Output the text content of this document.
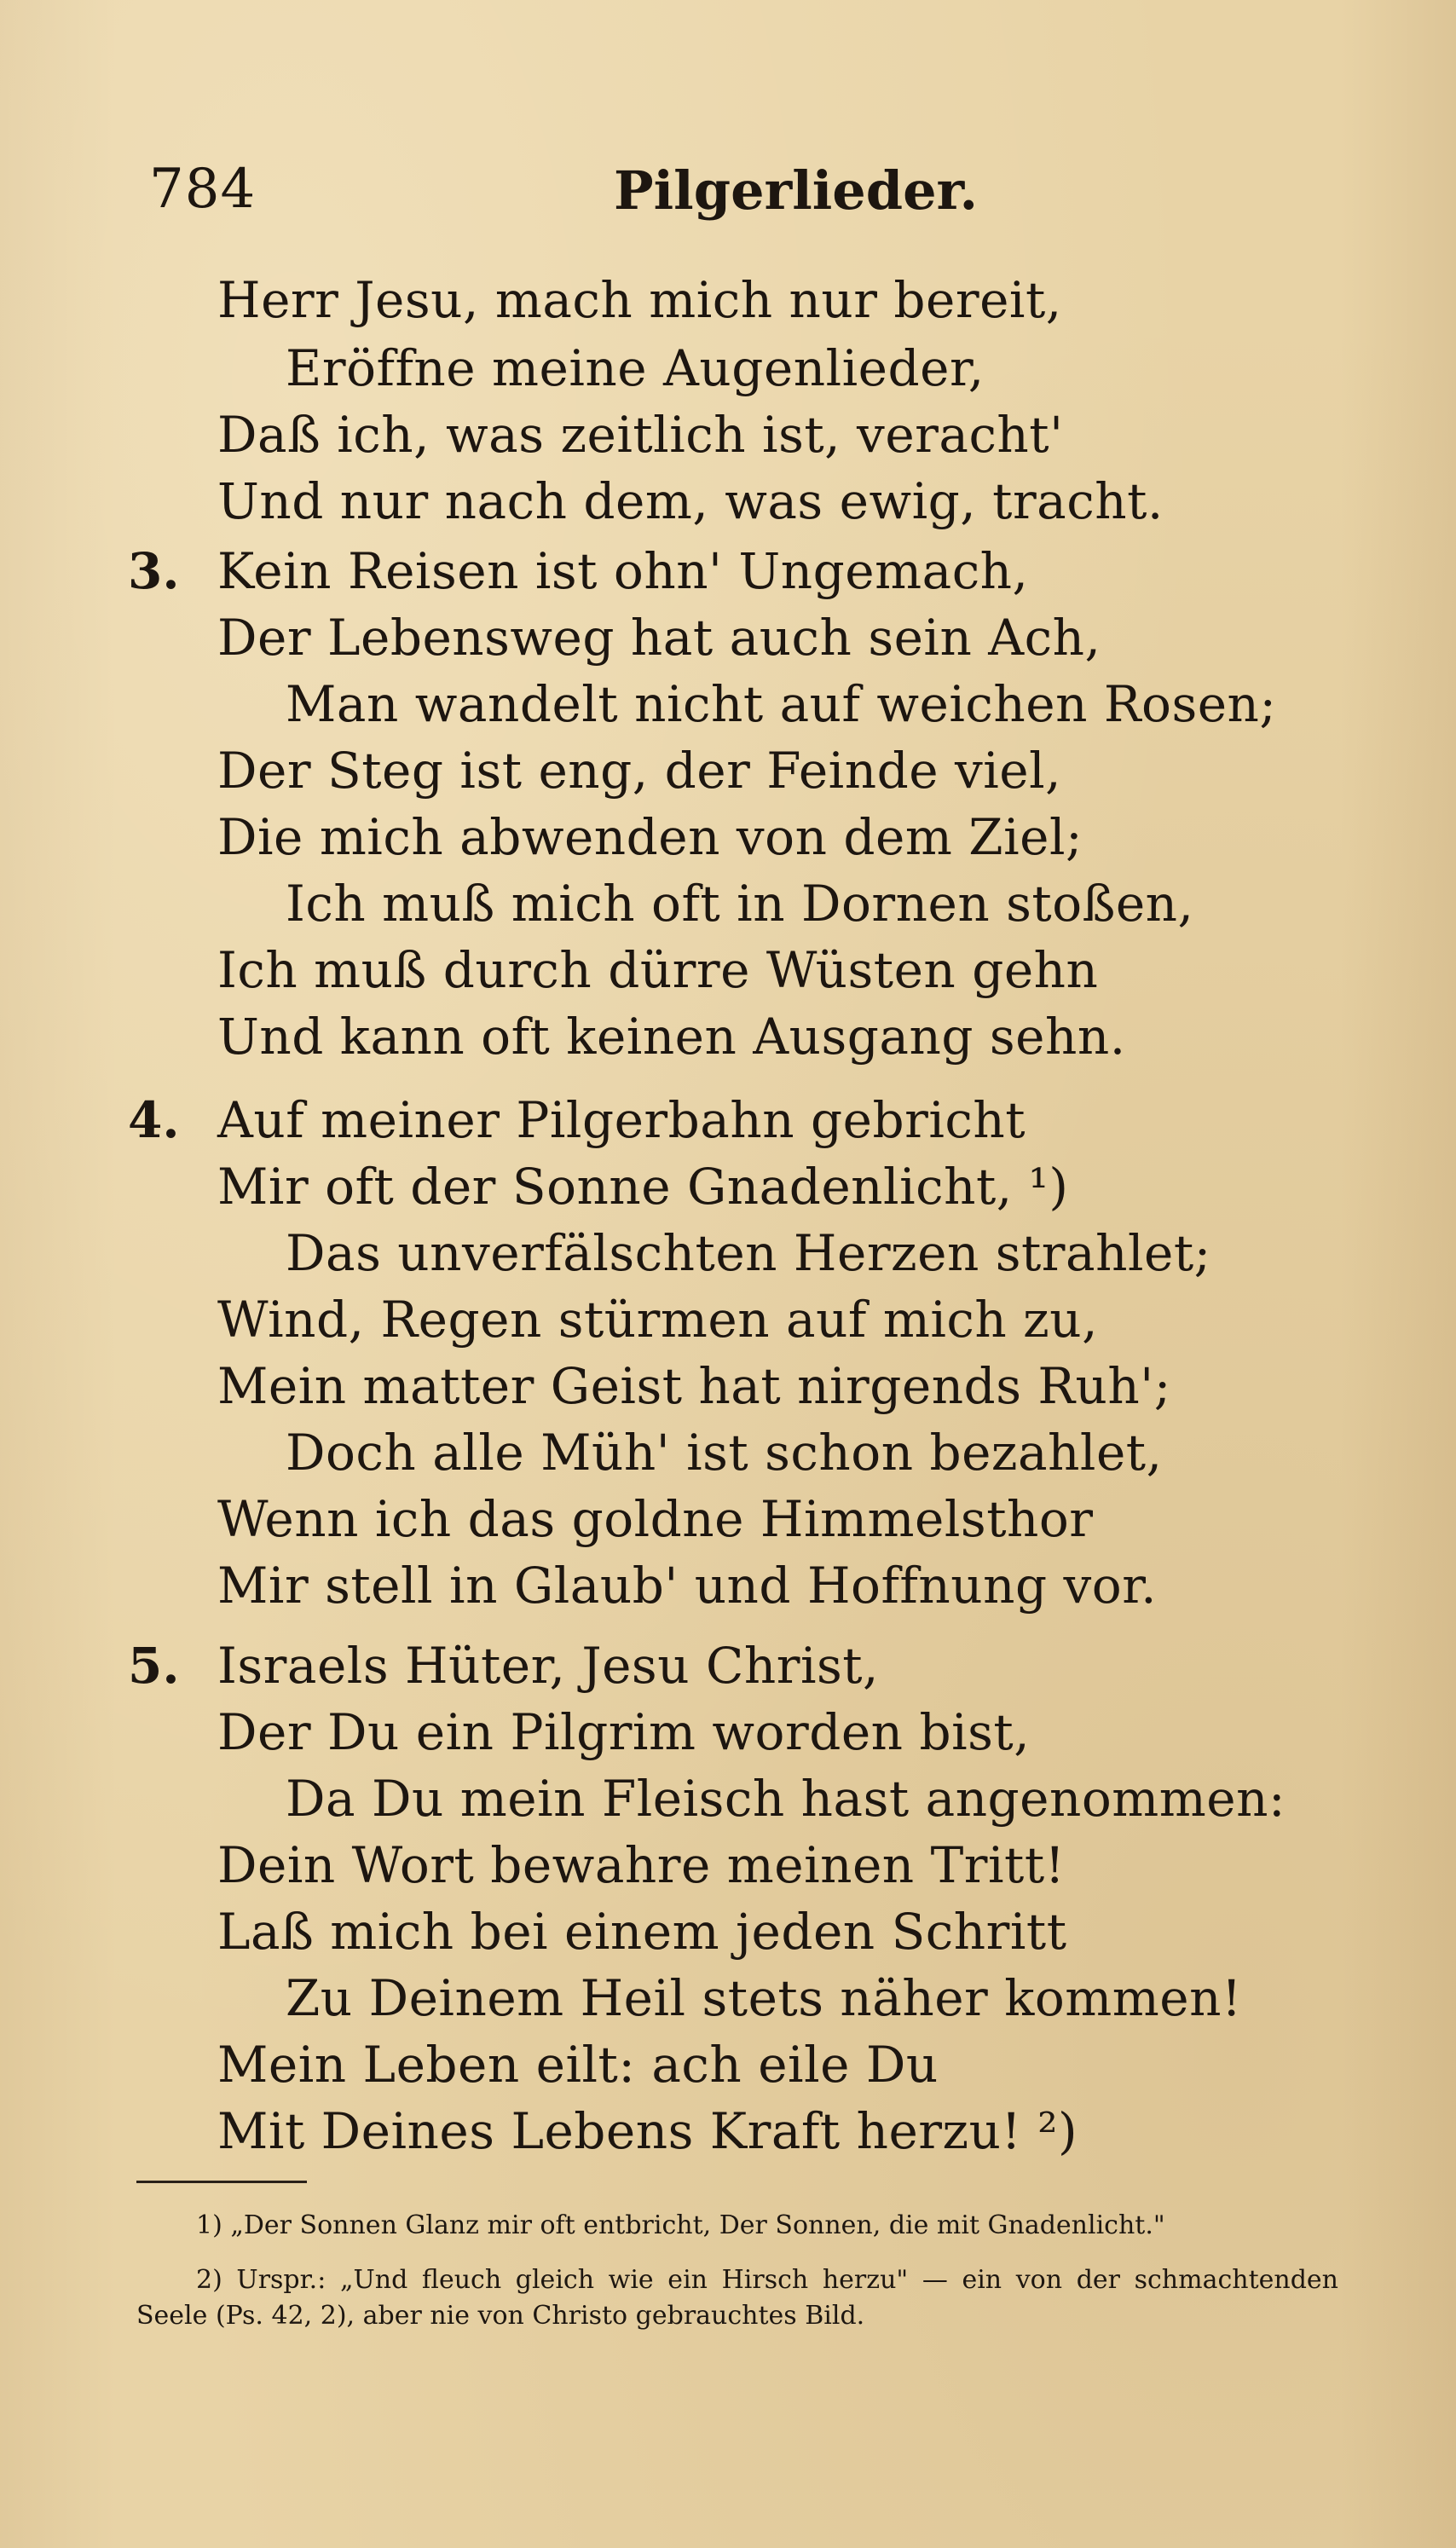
784	Pilgerlieder.
Herr Jesu, mach mich nur bereit,
Eröffne meine Augenlieder,
Daß ich, was zeitlich ist, veracht'
Und nur nach dem, was ewig, tracht.
3. Kein Reisen ist ohn' Ungemach,
Der Lebensweg hat auch sein Ach,
Man wandelt nicht auf weichen Rosen;
Der Steg ist eng, der Feinde viel,
Die mich abwenden von dem Ziel;
Ich muß mich oft in Dornen stoßen,
Ich muß durch dürre Wüsten gehn
Und kann oft keinen Ausgang sehn.
4. Auf meiner Pilgerbahn gebricht
Mir oft der Sonne Gnadenlicht, ¹)
Das unverfälschten Herzen strahlet;
Wind, Regen stürmen auf mich zu,
Mein matter Geist hat nirgends Ruh';
Doch alle Müh' ist schon bezahlet,
Wenn ich das goldne Himmelsthor
Mir stell in Glaub' und Hoffnung vor.
5. Israels Hüter, Jesu Christ,
Der Du ein Pilgrim worden bist,
Da Du mein Fleisch hast angenommen:
Dein Wort bewahre meinen Tritt!
Laß mich bei einem jeden Schritt
Zu Deinem Heil stets näher kommen!
Mein Leben eilt: ach eile Du
Mit Deines Lebens Kraft herzu! ²)

1) „Der Sonnen Glanz mir oft entbricht, Der Sonnen, die mit Gnadenlicht."

2) Urspr.: „Und fleuch gleich wie ein Hirsch herzu" — ein von der schmachtenden Seele (Ps. 42, 2), aber nie von Christo gebrauchtes Bild.
